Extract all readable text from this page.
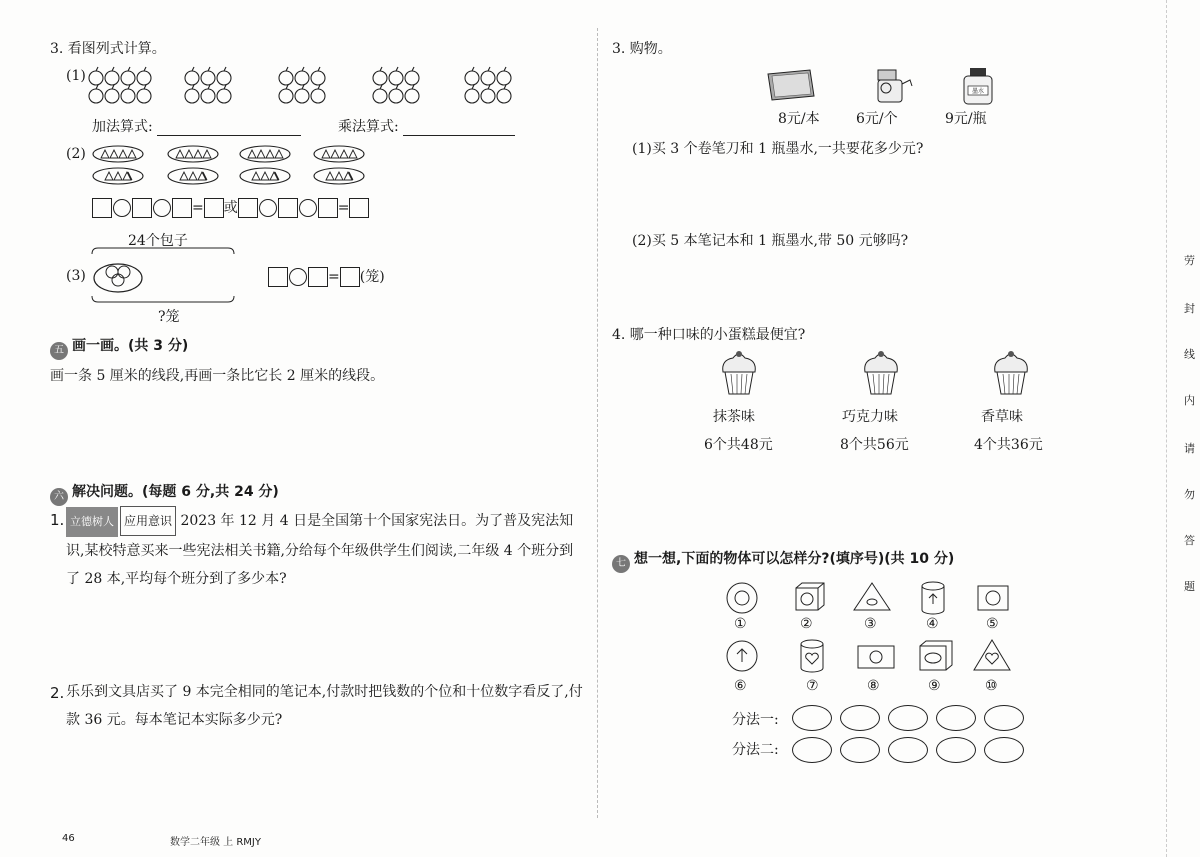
3. 看图列式计算。
(1)
加法算式:	乘法算式:
(2)
= 或	=
24个包子
(3)
?笼
= (笼)
五 画一画。(共 3 分)
画一条 5 厘米的线段,再画一条比它长 2 厘米的线段。
六 解决问题。(每题 6 分,共 24 分)
1. 立德树人 应用意识 2023 年 12 月 4 日是全国第十个国家宪法日。为了普及宪法知识,某校特意买来一些宪法相关书籍,分给每个年级供学生们阅读,二年级 4 个班分到了 28 本,平均每个班分到了多少本?
2. 乐乐到文具店买了 9 本完全相同的笔记本,付款时把钱数的个位和十位数字看反了,付款 36 元。每本笔记本实际多少元?
46	数学二年级 上 RMJY
3. 购物。
墨水
8元/本	6元/个	9元/瓶
(1)买 3 个卷笔刀和 1 瓶墨水,一共要花多少元?
(2)买 5 本笔记本和 1 瓶墨水,带 50 元够吗?
4. 哪一种口味的小蛋糕最便宜?
抹茶味	巧克力味	香草味
6个共48元	8个共56元	4个共36元
七 想一想,下面的物体可以怎样分?(填序号)(共 10 分)
①	②	③	④	⑤
⑥	⑦	⑧	⑨	⑩
分法一:
分法二:
劳
封
线
内
请
勿
答
题
